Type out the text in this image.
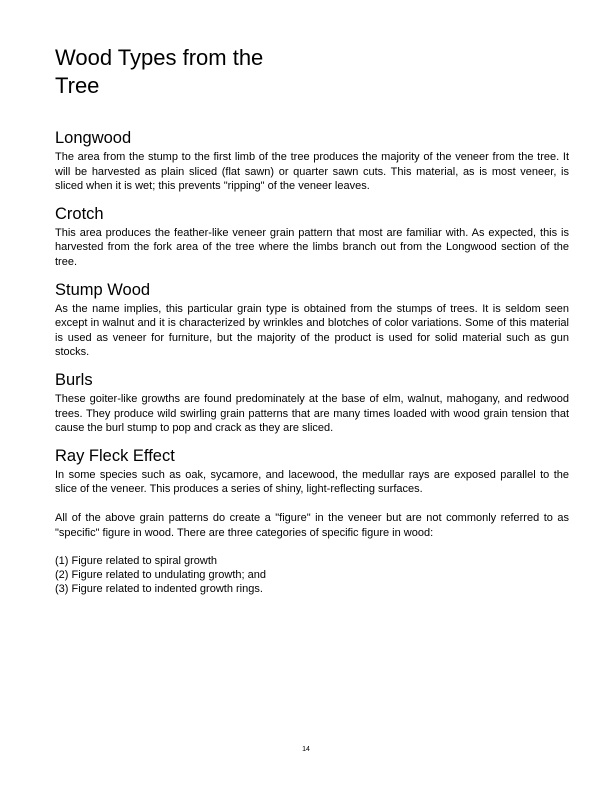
Wood Types from the
Tree
Longwood

The area from the stump to the first limb of the tree produces the majority of the veneer from the tree. It will be harvested as plain sliced (flat sawn) or quarter sawn cuts. This material, as is most veneer, is sliced when it is wet; this prevents "ripping" of the veneer leaves.

Crotch

This area produces the feather-like veneer grain pattern that most are familiar with. As expected, this is harvested from the fork area of the tree where the limbs branch out from the Longwood section of the tree.

Stump Wood

As the name implies, this particular grain type is obtained from the stumps of trees. It is seldom seen except in walnut and it is characterized by wrinkles and blotches of color variations. Some of this material is used as veneer for furniture, but the majority of the product is used for solid material such as gun stocks.

Burls

These goiter-like growths are found predominately at the base of elm, walnut, mahogany, and redwood trees. They produce wild swirling grain patterns that are many times loaded with wood grain tension that cause the burl stump to pop and crack as they are sliced.

Ray Fleck Effect

In some species such as oak, sycamore, and lacewood, the medullar rays are exposed parallel to the slice of the veneer. This produces a series of shiny, light-reflecting surfaces.

All of the above grain patterns do create a "figure" in the veneer but are not commonly referred to as "specific" figure in wood. There are three categories of specific figure in wood:

(1) Figure related to spiral growth
(2) Figure related to undulating growth; and
(3) Figure related to indented growth rings.
14
